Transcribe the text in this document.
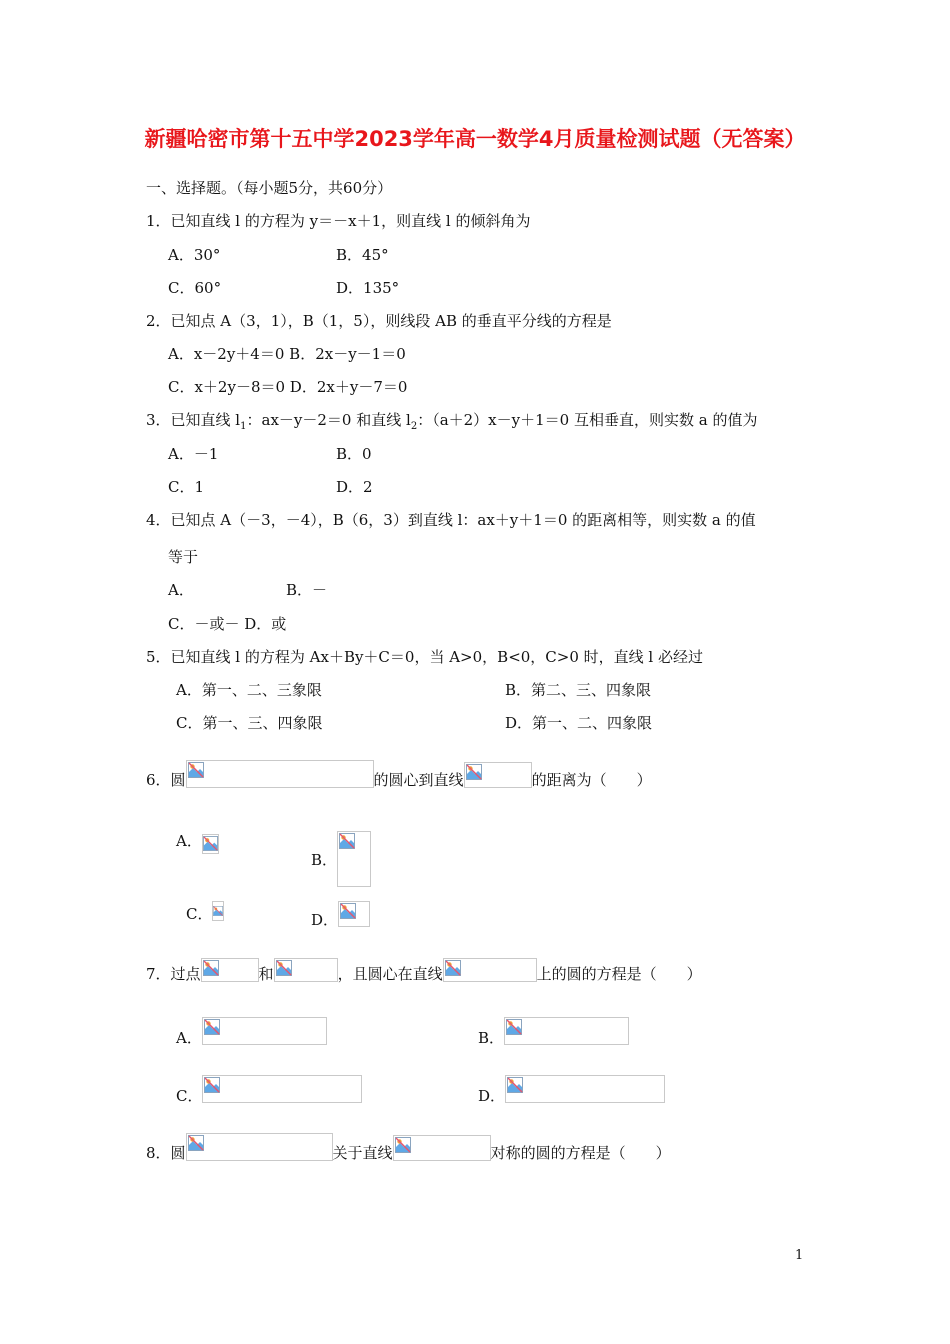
新疆哈密市第十五中学2023学年高一数学4月质量检测试题（无答案）
一、选择题。（每小题5分，共60分）
1．已知直线 l 的方程为 y＝－x＋1，则直线 l 的倾斜角为
A．30°	B．45°
C．60°	D．135°
2．已知点 A（3，1），B（1，5），则线段 AB 的垂直平分线的方程是
A．x－2y＋4＝0 B．2x－y－1＝0
C．x＋2y－8＝0 D．2x＋y－7＝0
3．已知直线 $l_1$：ax－y－2＝0 和直线 $l_2$：（a＋2）x－y＋1＝0 互相垂直，则实数 a 的值为
A．－1	B．0
C．1	D．2
4．已知点 A（－3，－4），B（6，3）到直线 l：ax＋y＋1＝0 的距离相等，则实数 a 的值
等于
A．	B．－
C．－或－ D．或
5．已知直线 l 的方程为 Ax＋By＋C＝0，当 A>0，B<0，C>0 时，直线 l 必经过
A．第一、二、三象限	B．第二、三、四象限
C．第一、三、四象限	D．第一、二、四象限
6．圆	的圆心到直线	的距离为（　　）
A．
B．
C．	D．
7．过点	和	，且圆心在直线	上的圆的方程是（　　）
A．	B．
C．	D．
8．圆	关于直线	对称的圆的方程是（　　）
1
